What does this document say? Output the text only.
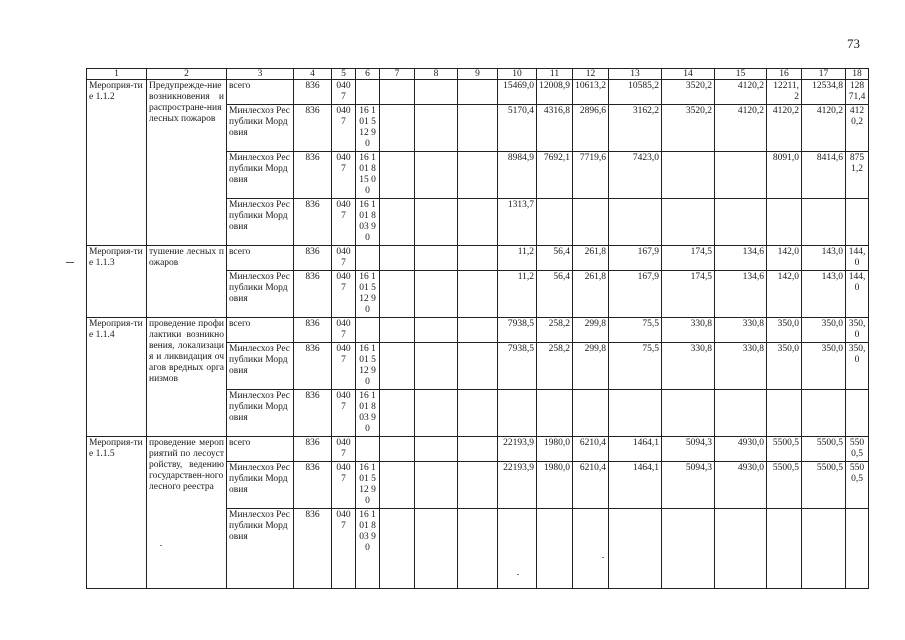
73
1	2	3	4	5	6	7	8	9	10	11	12	13	14	15	16	17	18
Мероприя-тие 1.1.2	Предупрежде-ние возникновения и распростране-ния лесных пожаров	всего	836	040 7					15469,0	12008,9	10613,2	10585,2	3520,2	4120,2	12211,2	12534,8	12871,4
		Минлесхоз Республики Мордовия	836	040 7	16 1 01 512 90				5170,4	4316,8	2896,6	3162,2	3520,2	4120,2	4120,2	4120,2	4120,2
		Минлесхоз Республики Мордовия	836	040 7	16 1 01 815 00				8984,9	7692,1	7719,6	7423,0			8091,0	8414,6	8751,2
		Минлесхоз Республики Мордовия	836	040 7	16 1 01 803 90				1313,7								
Мероприя-тие 1.1.3	тушение лесных пожаров	всего	836	040 7					11,2	56,4	261,8	167,9	174,5	134,6	142,0	143,0	144,0
		Минлесхоз Республики Мордовия	836	040 7	16 1 01 512 90				11,2	56,4	261,8	167,9	174,5	134,6	142,0	143,0	144,0
Мероприя-тие 1.1.4	проведение профилактики возникновения, локализация и ликвидация очагов вредных организмов	всего	836	040 7					7938,5	258,2	299,8	75,5	330,8	330,8	350,0	350,0	350,0
		Минлесхоз Республики Мордовия	836	040 7	16 1 01 512 90				7938,5	258,2	299,8	75,5	330,8	330,8	350,0	350,0	350,0
		Минлесхоз Республики Мордовия	836	040 7	16 1 01 803 90												
Мероприя-тие 1.1.5	проведение мероприятий по лесоустройству, ведению государствен-ного лесного реестра	всего	836	040 7					22193,9	1980,0	6210,4	1464,1	5094,3	4930,0	5500,5	5500,5	5500,5
		Минлесхоз Республики Мордовия	836	040 7	16 1 01 512 90				22193,9	1980,0	6210,4	1464,1	5094,3	4930,0	5500,5	5500,5	5500,5
		Минлесхоз Республики Мордовия	836	040 7	16 1 01 803 90												
